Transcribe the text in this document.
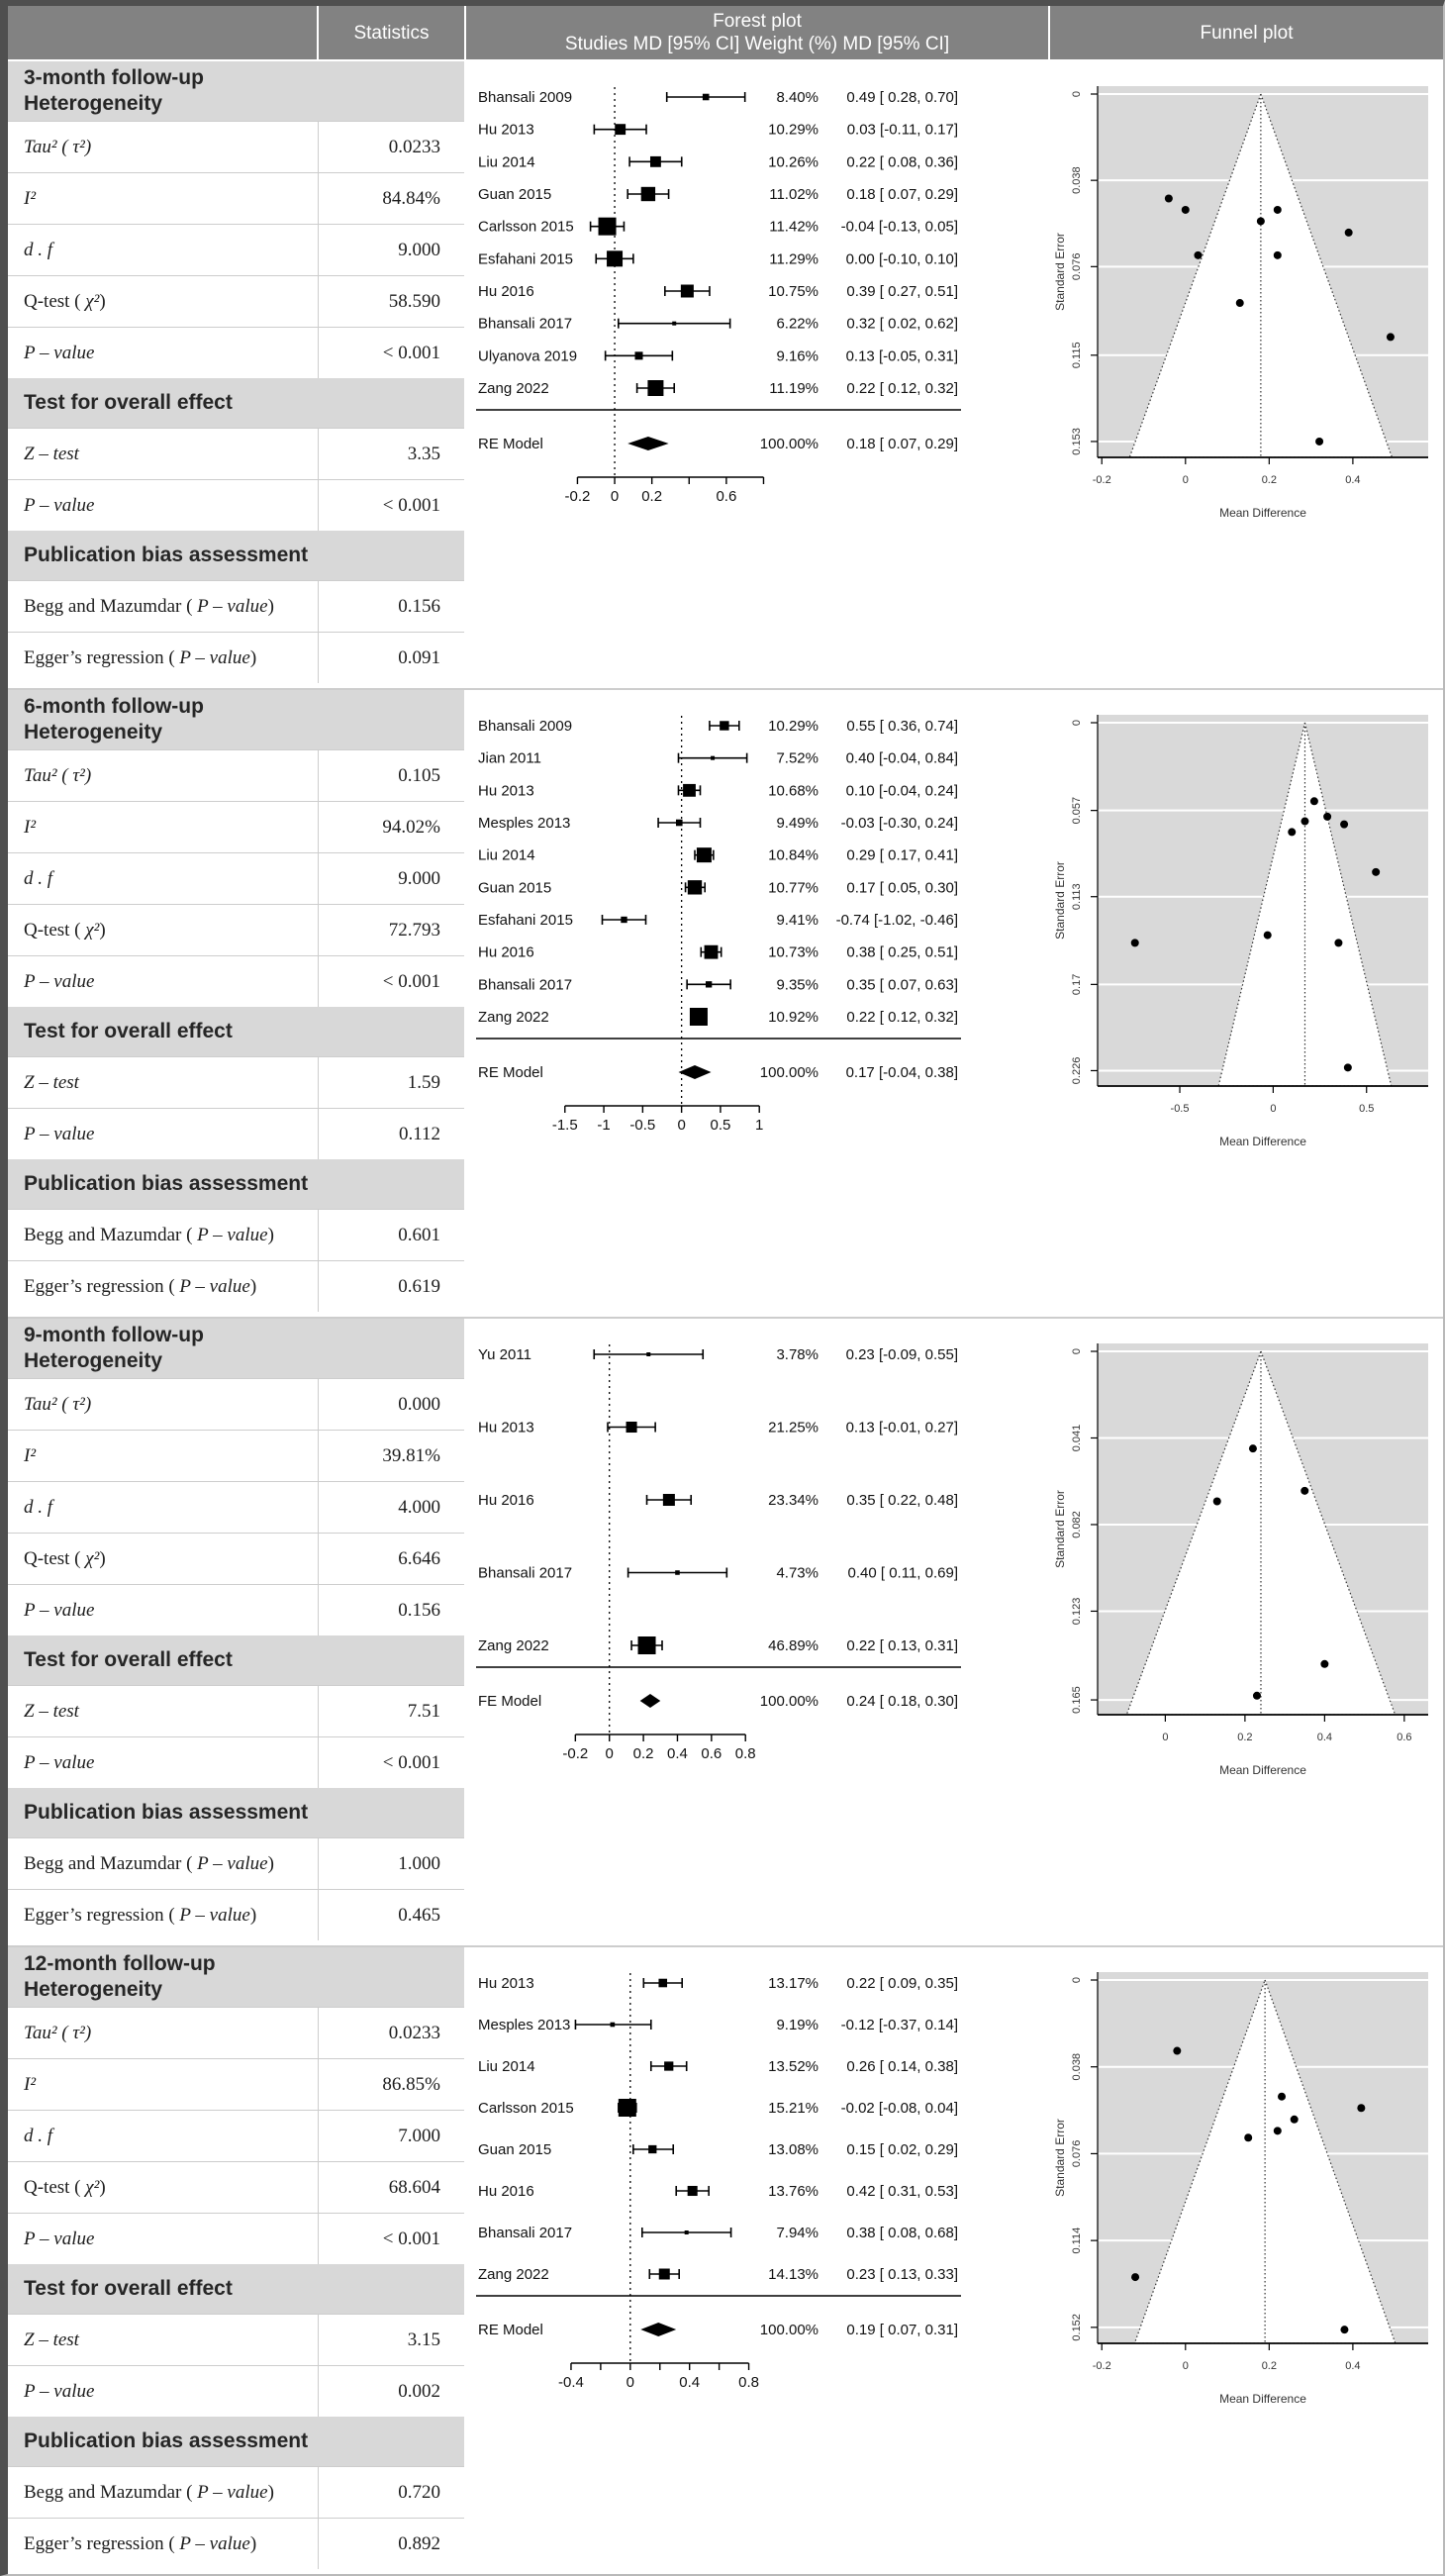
Statistics
Forest plot
Studies MD [95% CI] Weight (%) MD [95% CI]
Funnel plot
3-month follow-up
Heterogeneity
Tau² ( τ²)	0.0233
I²	84.84%
d . f	9.000
Q-test ( χ² )	58.590
P – value	< 0.001
Test for overall effect
Z – test	3.35
P – value	< 0.001
Publication bias assessment
Begg and Mazumdar ( P – value )	0.156
Egger’s regression ( P – value )	0.091
Bhansali 2009	8.40% 0.49 [ 0.28, 0.70]
Hu 2013	10.29% 0.03 [-0.11, 0.17]
Liu 2014	10.26% 0.22 [ 0.08, 0.36]
Guan 2015	11.02% 0.18 [ 0.07, 0.29]
Carlsson 2015	11.42% -0.04 [-0.13, 0.05]
Esfahani 2015	11.29% 0.00 [-0.10, 0.10]
Hu 2016	10.75% 0.39 [ 0.27, 0.51]
Bhansali 2017	6.22% 0.32 [ 0.02, 0.62]
Ulyanova 2019	9.16% 0.13 [-0.05, 0.31]
Zang 2022	11.19% 0.22 [ 0.12, 0.32]
RE Model	100.00% 0.18 [ 0.07, 0.29]
-0.2 0 0.2	0.6
0
0.038
0.076
0.115
0.153
-0.2	0	0.2	0.4
Standard Error
Mean Difference
6-month follow-up
Heterogeneity
Tau² ( τ²)	0.105
I²	94.02%
d . f	9.000
Q-test ( χ² )	72.793
P – value	< 0.001
Test for overall effect
Z – test	1.59
P – value	0.112
Publication bias assessment
Begg and Mazumdar ( P – value )	0.601
Egger’s regression ( P – value )	0.619
Bhansali 2009	10.29% 0.55 [ 0.36, 0.74]
Jian 2011	7.52% 0.40 [-0.04, 0.84]
Hu 2013	10.68% 0.10 [-0.04, 0.24]
Mesples 2013	9.49% -0.03 [-0.30, 0.24]
Liu 2014	10.84% 0.29 [ 0.17, 0.41]
Guan 2015	10.77% 0.17 [ 0.05, 0.30]
Esfahani 2015	9.41% -0.74 [-1.02, -0.46]
Hu 2016	10.73% 0.38 [ 0.25, 0.51]
Bhansali 2017	9.35% 0.35 [ 0.07, 0.63]
Zang 2022	10.92% 0.22 [ 0.12, 0.32]
RE Model	100.00% 0.17 [-0.04, 0.38]
-1.5 -1 -0.5 0 0.5 1
0
0.057
0.113
0.17
0.226
-0.5	0	0.5
Standard Error
Mean Difference
9-month follow-up
Heterogeneity
Tau² ( τ²)	0.000
I²	39.81%
d . f	4.000
Q-test ( χ² )	6.646
P – value	0.156
Test for overall effect
Z – test	7.51
P – value	< 0.001
Publication bias assessment
Begg and Mazumdar ( P – value )	1.000
Egger’s regression ( P – value )	0.465
Yu 2011	3.78% 0.23 [-0.09, 0.55]
Hu 2013	21.25% 0.13 [-0.01, 0.27]
Hu 2016	23.34% 0.35 [ 0.22, 0.48]
Bhansali 2017	4.73% 0.40 [ 0.11, 0.69]
Zang 2022	46.89% 0.22 [ 0.13, 0.31]
FE Model	100.00% 0.24 [ 0.18, 0.30]
-0.2 0 0.2 0.4 0.6 0.8
0
0.041
0.082
0.123
0.165
0	0.2	0.4	0.6
Standard Error
Mean Difference
12-month follow-up
Heterogeneity
Tau² ( τ²)	0.0233
I²	86.85%
d . f	7.000
Q-test ( χ² )	68.604
P – value	< 0.001
Test for overall effect
Z – test	3.15
P – value	0.002
Publication bias assessment
Begg and Mazumdar ( P – value )	0.720
Egger’s regression ( P – value )	0.892
Hu 2013	13.17% 0.22 [ 0.09, 0.35]
Mesples 2013	9.19% -0.12 [-0.37, 0.14]
Liu 2014	13.52% 0.26 [ 0.14, 0.38]
Carlsson 2015	15.21% -0.02 [-0.08, 0.04]
Guan 2015	13.08% 0.15 [ 0.02, 0.29]
Hu 2016	13.76% 0.42 [ 0.31, 0.53]
Bhansali 2017	7.94% 0.38 [ 0.08, 0.68]
Zang 2022	14.13% 0.23 [ 0.13, 0.33]
RE Model	100.00% 0.19 [ 0.07, 0.31]
-0.4	0	0.4	0.8
0
0.038
0.076
0.114
0.152
-0.2	0	0.2	0.4
Standard Error
Mean Difference
